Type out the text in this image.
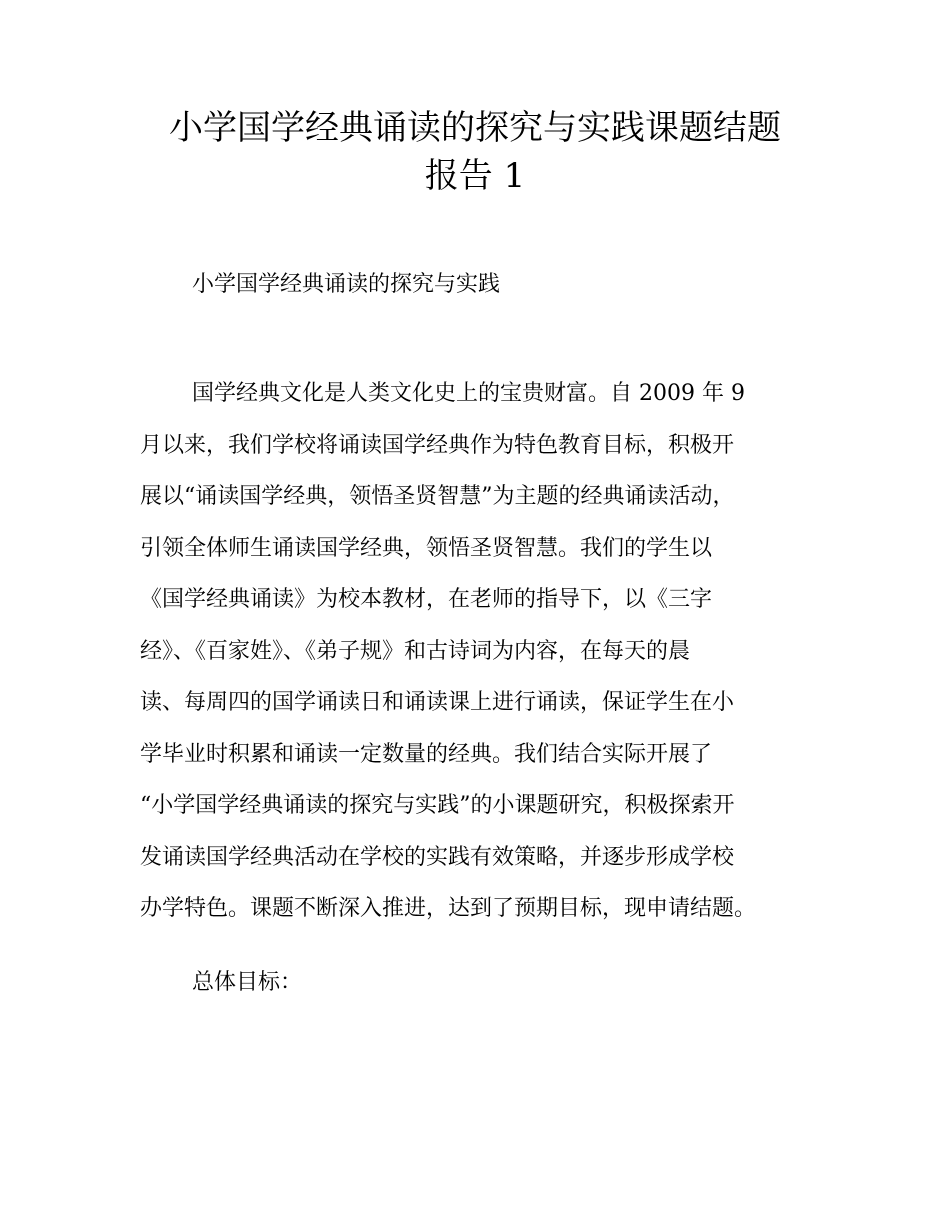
小学国学经典诵读的探究与实践课题结题
报告 1

小学国学经典诵读的探究与实践

国学经典文化是人类文化史上的宝贵财富。自 2009 年 9
月以来，我们学校将诵读国学经典作为特色教育目标，积极开
展以“诵读国学经典，领悟圣贤智慧”为主题的经典诵读活动，
引领全体师生诵读国学经典，领悟圣贤智慧。我们的学生以
《国学经典诵读》为校本教材，在老师的指导下，以《三字
经》、《百家姓》、《弟子规》和古诗词为内容，在每天的晨
读、每周四的国学诵读日和诵读课上进行诵读，保证学生在小
学毕业时积累和诵读一定数量的经典。我们结合实际开展了
“小学国学经典诵读的探究与实践”的小课题研究，积极探索开
发诵读国学经典活动在学校的实践有效策略，并逐步形成学校
办学特色。课题不断深入推进，达到了预期目标，现申请结题。

总体目标：
